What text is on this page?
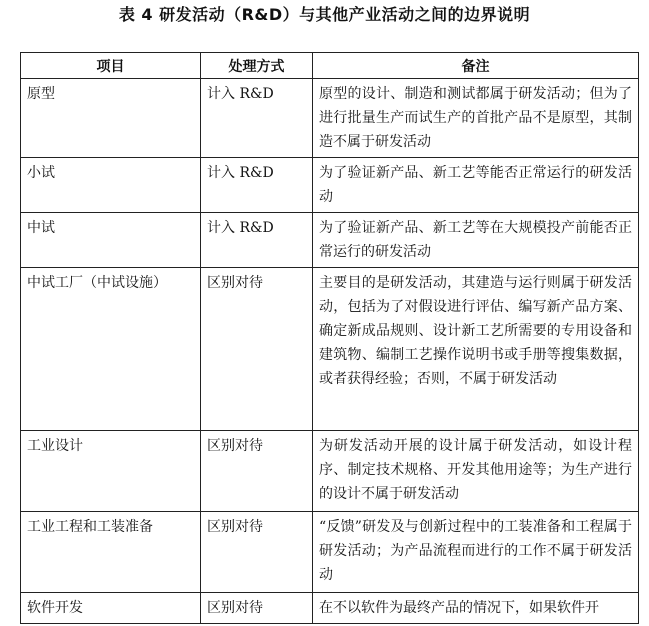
表 4 研发活动（R&D）与其他产业活动之间的边界说明
项目	处理方式	备注
原型	计入 R&D	原型的设计、制造和测试都属于研发活动；但为了进行批量生产而试生产的首批产品不是原型，其制造不属于研发活动
小试	计入 R&D	为了验证新产品、新工艺等能否正常运行的研发活动
中试	计入 R&D	为了验证新产品、新工艺等在大规模投产前能否正常运行的研发活动
中试工厂（中试设施）	区别对待	主要目的是研发活动，其建造与运行则属于研发活动，包括为了对假设进行评估、编写新产品方案、确定新成品规则、设计新工艺所需要的专用设备和建筑物、编制工艺操作说明书或手册等搜集数据，或者获得经验；否则，不属于研发活动
工业设计	区别对待	为研发活动开展的设计属于研发活动，如设计程序、制定技术规格、开发其他用途等；为生产进行的设计不属于研发活动
工业工程和工装准备	区别对待	“反馈”研发及与创新过程中的工装准备和工程属于研发活动；为产品流程而进行的工作不属于研发活动
软件开发	区别对待	在不以软件为最终产品的情况下，如果软件开
